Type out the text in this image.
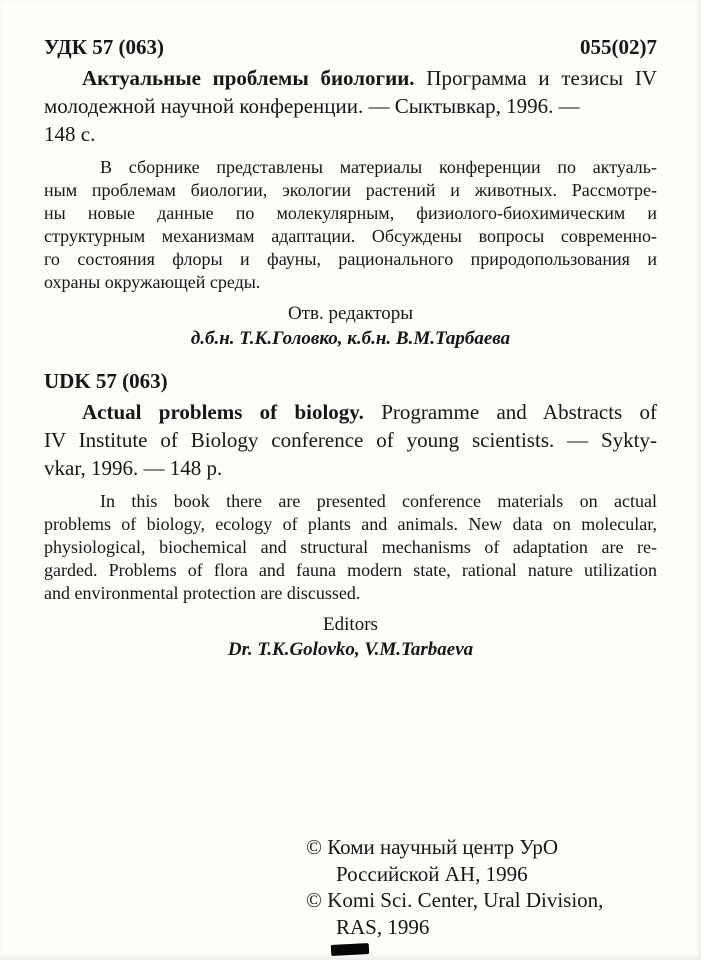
УДК 57 (063)	055(02)7
Актуальные проблемы биологии. Программа и тезисы IV
молодежной научной конференции. — Сыктывкар, 1996. —
148 с.
В сборнике представлены материалы конференции по актуаль-
ным проблемам биологии, экологии растений и животных. Рассмотре-
ны новые данные по молекулярным, физиолого-биохимическим и
структурным механизмам адаптации. Обсуждены вопросы современно-
го состояния флоры и фауны, рационального природопользования и
охраны окружающей среды.
Отв. редакторы
д.б.н. Т.К.Головко, к.б.н. В.М.Тарбаева
UDK 57 (063)
Actual problems of biology. Programme and Abstracts of
IV Institute of Biology conference of young scientists. — Sykty-
vkar, 1996. — 148 p.
In this book there are presented conference materials on actual
problems of biology, ecology of plants and animals. New data on molecular,
physiological, biochemical and structural mechanisms of adaptation are re-
garded. Problems of flora and fauna modern state, rational nature utilization
and environmental protection are discussed.
Editors
Dr. T.K.Golovko, V.M.Tarbaeva
© Коми научный центр УрО
Российской АН, 1996
© Komi Sci. Center, Ural Division,
RAS, 1996
